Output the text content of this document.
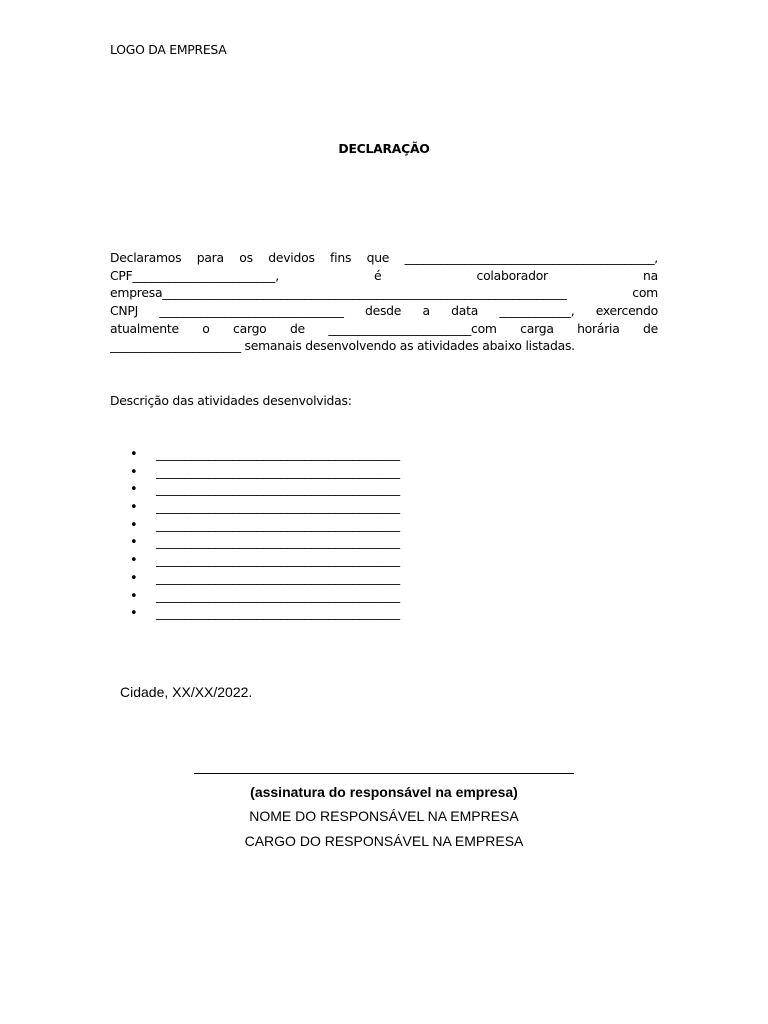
LOGO DA EMPRESA
DECLARAÇÃO
Declaramos para os devidos fins que __________________________________________,
CPF________________________, é colaborador na
empresa____________________________________________________________________ com
CNPJ _______________________________ desde a data ____________, exercendo
atualmente o cargo de ________________________com carga horária de
______________________ semanais desenvolvendo as atividades abaixo listadas.
Descrição das atividades desenvolvidas:
• _________________________________________
• _________________________________________
• _________________________________________
• _________________________________________
• _________________________________________
• _________________________________________
• _________________________________________
• _________________________________________
• _________________________________________
• _________________________________________
Cidade, XX/XX/2022.
(assinatura do responsável na empresa)
NOME DO RESPONSÁVEL NA EMPRESA
CARGO DO RESPONSÁVEL NA EMPRESA
